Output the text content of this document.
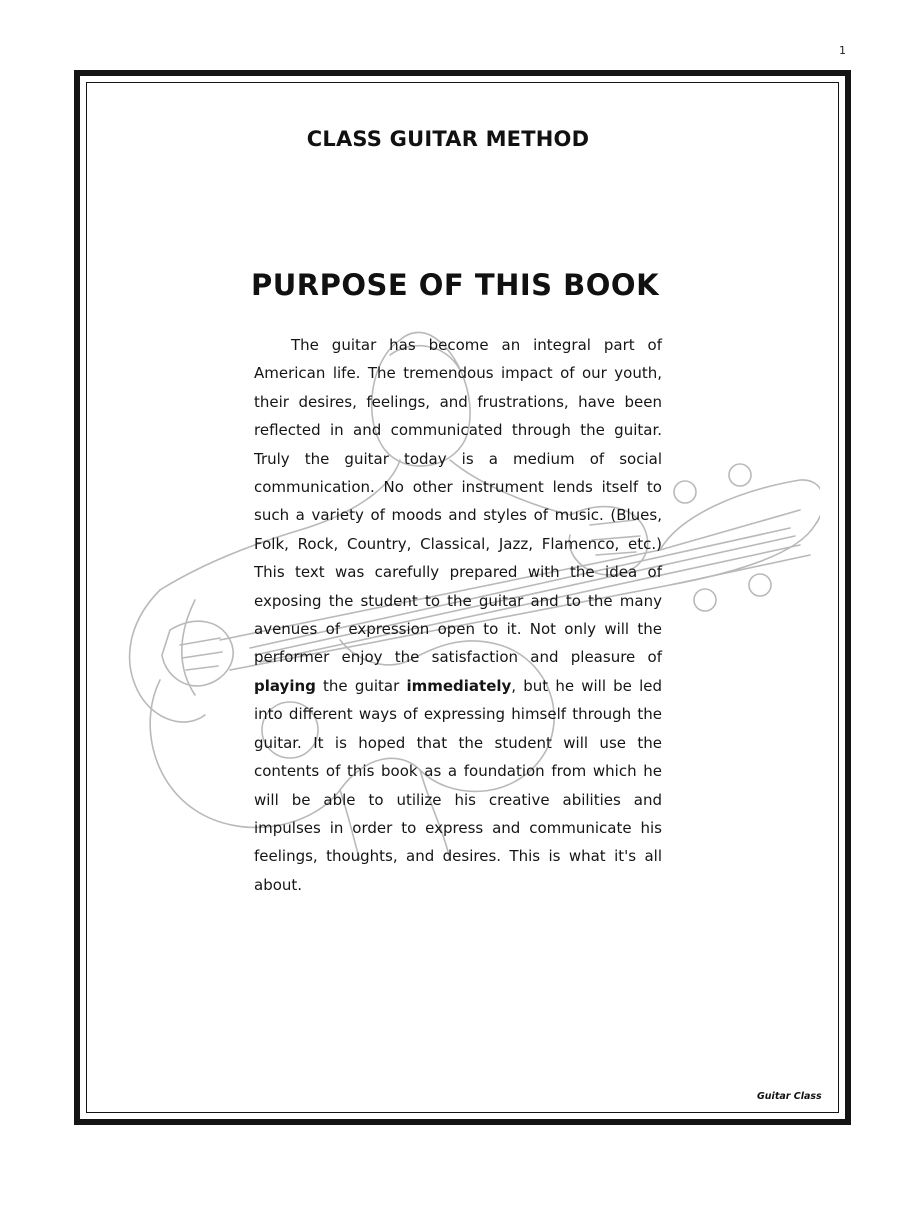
1
CLASS GUITAR METHOD
PURPOSE OF THIS BOOK

The guitar has become an integral part of American life. The tremendous impact of our youth, their desires, feelings, and frustrations, have been reflected in and communicated through the guitar. Truly the guitar today is a medium of social communication. No other instrument lends itself to such a variety of moods and styles of music. (Blues, Folk, Rock, Country, Classical, Jazz, Flamenco, etc.) This text was carefully prepared with the idea of exposing the student to the guitar and to the many avenues of expression open to it. Not only will the performer enjoy the satisfaction and pleasure of playing the guitar immediately, but he will be led into different ways of expressing himself through the guitar. It is hoped that the student will use the contents of this book as a foundation from which he will be able to utilize his creative abilities and impulses in order to express and communicate his feelings, thoughts, and desires. This is what it's all about.

Guitar Class
